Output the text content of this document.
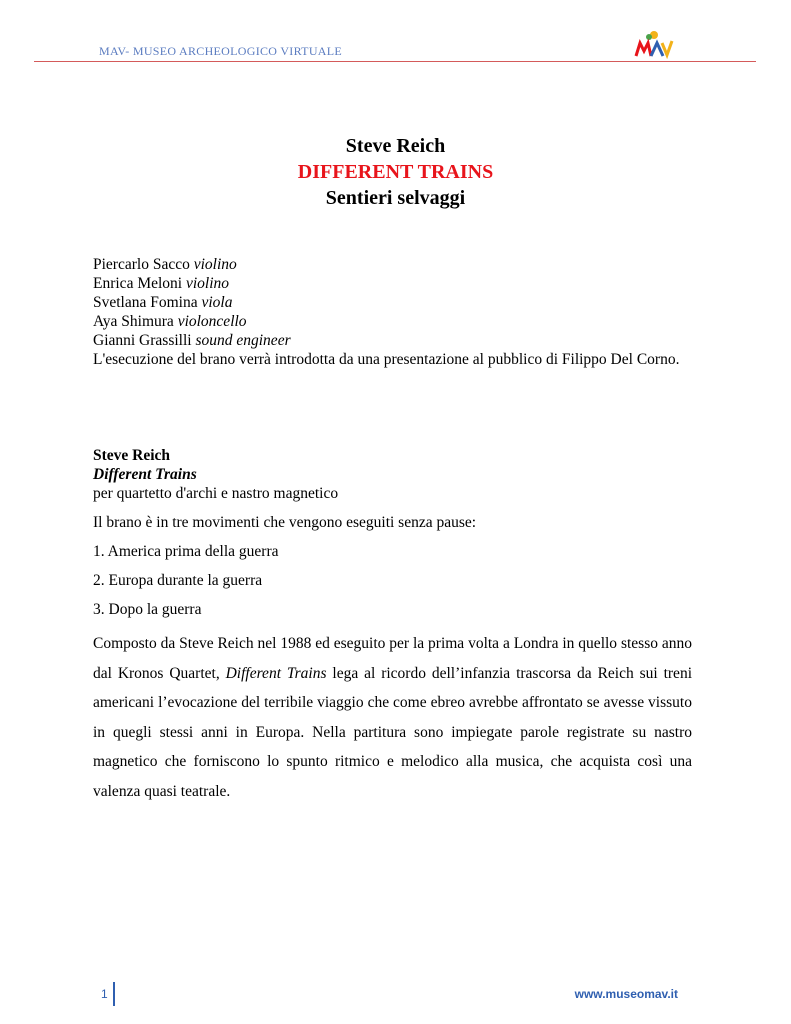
MAV- MUSEO ARCHEOLOGICO VIRTUALE
Steve Reich
DIFFERENT TRAINS
Sentieri selvaggi
Piercarlo Sacco violino
Enrica Meloni violino
Svetlana Fomina viola
Aya Shimura violoncello
Gianni Grassilli sound engineer
L'esecuzione del brano verrà introdotta da una presentazione al pubblico di Filippo Del Corno.
Steve Reich
Different Trains
per quartetto d'archi e nastro magnetico
Il brano è in tre movimenti che vengono eseguiti senza pause:
1. America prima della guerra
2. Europa durante la guerra
3. Dopo la guerra
Composto da Steve Reich nel 1988 ed eseguito per la prima volta a Londra in quello stesso anno dal Kronos Quartet, Different Trains lega al ricordo dell’infanzia trascorsa da Reich sui treni americani l’evocazione del terribile viaggio che come ebreo avrebbe affrontato se avesse vissuto in quegli stessi anni in Europa. Nella partitura sono impiegate parole registrate su nastro magnetico che forniscono lo spunto ritmico e melodico alla musica, che acquista così una valenza quasi teatrale.
1	www.museomav.it
